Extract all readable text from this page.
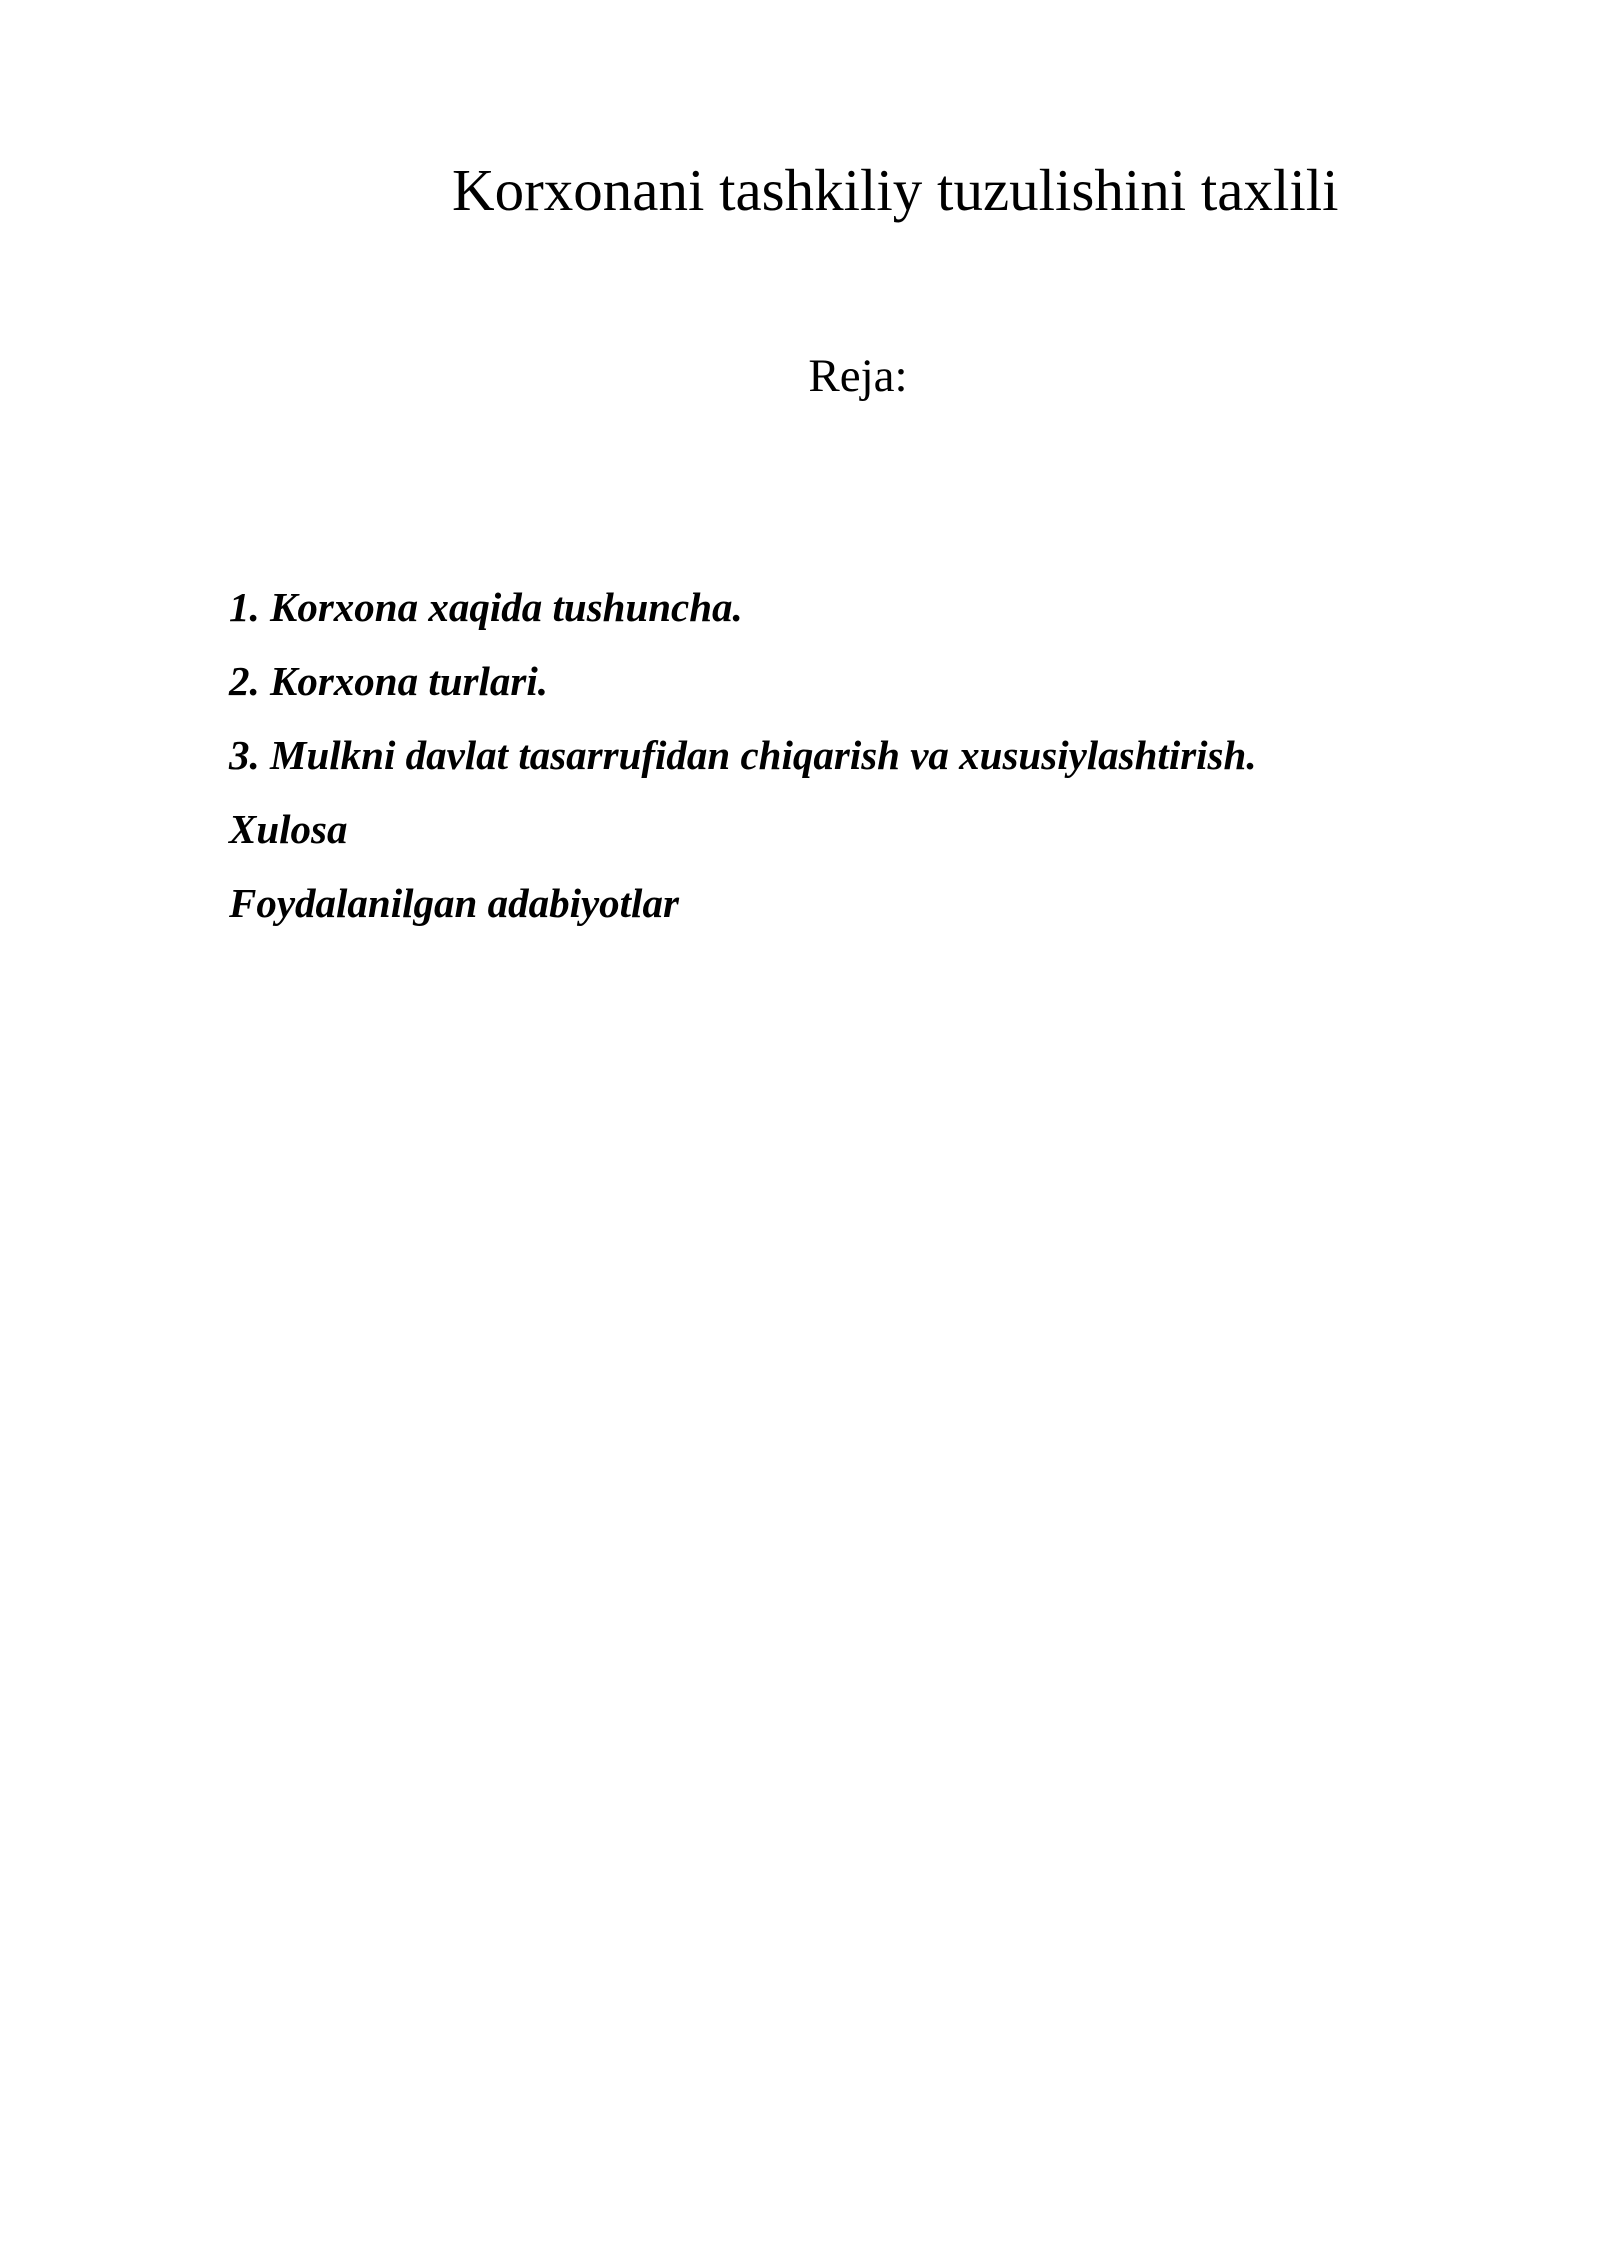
Korxonani tashkiliy tuzulishini taxlili
Reja:
1. Korxona xaqida tushuncha.
2. Korxona turlari.
3. Mulkni davlat tasarrufidan chiqarish va xususiylashtirish.
Xulosa
Foydalanilgan adabiyotlar
